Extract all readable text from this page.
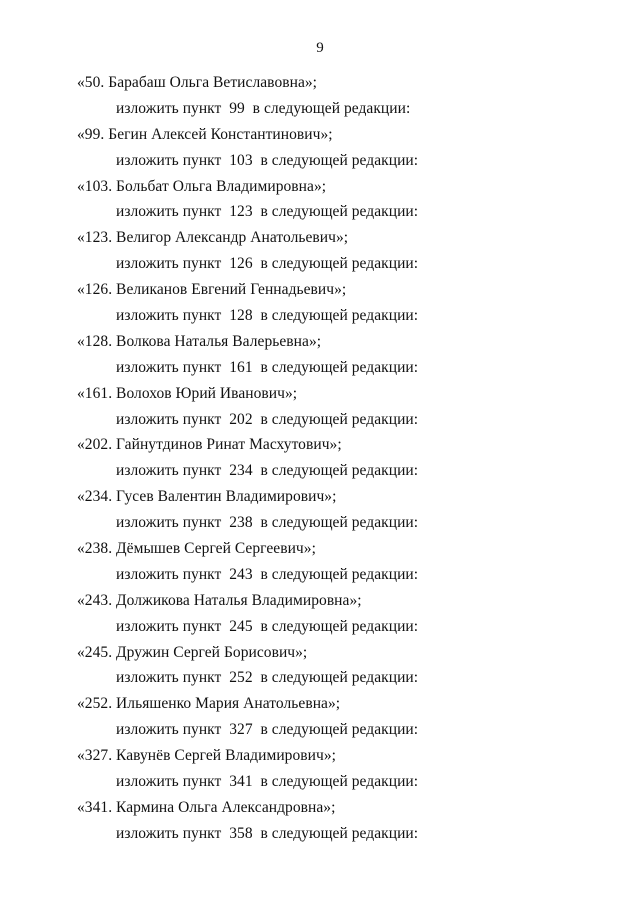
9
«50. Барабаш Ольга Ветиславовна»;
изложить пункт  99  в следующей редакции:
«99. Бегин Алексей Константинович»;
изложить пункт  103  в следующей редакции:
«103. Больбат Ольга Владимировна»;
изложить пункт  123  в следующей редакции:
«123. Велигор Александр Анатольевич»;
изложить пункт  126  в следующей редакции:
«126. Великанов Евгений Геннадьевич»;
изложить пункт  128  в следующей редакции:
«128. Волкова Наталья Валерьевна»;
изложить пункт  161  в следующей редакции:
«161. Волохов Юрий Иванович»;
изложить пункт  202  в следующей редакции:
«202. Гайнутдинов Ринат Масхутович»;
изложить пункт  234  в следующей редакции:
«234. Гусев Валентин Владимирович»;
изложить пункт  238  в следующей редакции:
«238. Дёмышев Сергей Сергеевич»;
изложить пункт  243  в следующей редакции:
«243. Должикова Наталья Владимировна»;
изложить пункт  245  в следующей редакции:
«245. Дружин Сергей Борисович»;
изложить пункт  252  в следующей редакции:
«252. Ильяшенко Мария Анатольевна»;
изложить пункт  327  в следующей редакции:
«327. Кавунёв Сергей Владимирович»;
изложить пункт  341  в следующей редакции:
«341. Кармина Ольга Александровна»;
изложить пункт  358  в следующей редакции:
